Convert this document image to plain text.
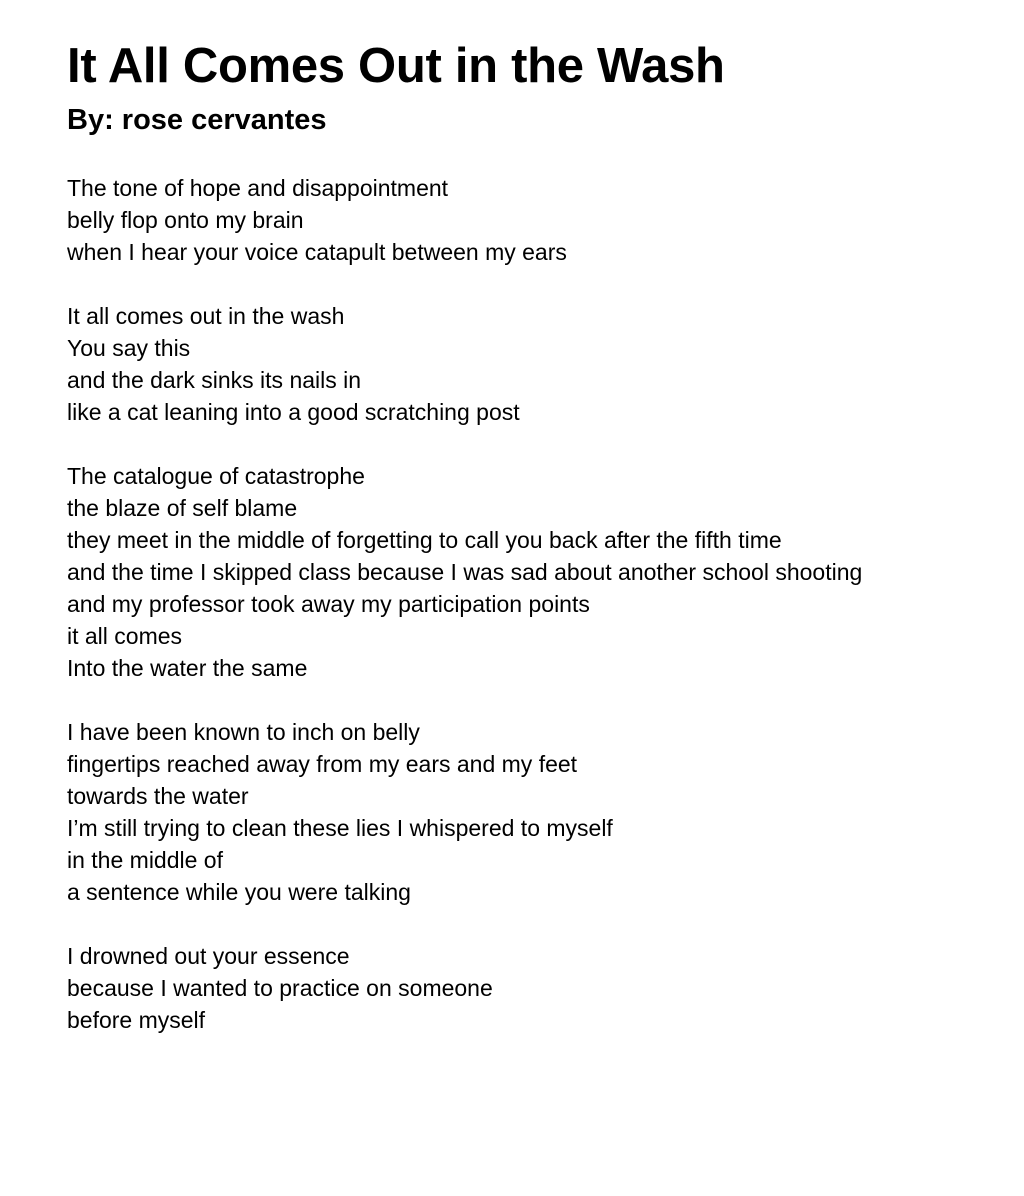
It All Comes Out in the Wash
By: rose cervantes
The tone of hope and disappointment
belly flop onto my brain
when I hear your voice catapult between my ears
It all comes out in the wash
You say this
and the dark sinks its nails in
like a cat leaning into a good scratching post
The catalogue of catastrophe
the blaze of self blame
they meet in the middle of forgetting to call you back after the fifth time
and the time I skipped class because I was sad about another school shooting
and my professor took away my participation points
it all comes
Into the water the same
I have been known to inch on belly
fingertips reached away from my ears and my feet
towards the water
I’m still trying to clean these lies I whispered to myself
in the middle of
a sentence while you were talking
I drowned out your essence
because I wanted to practice on someone
before myself
